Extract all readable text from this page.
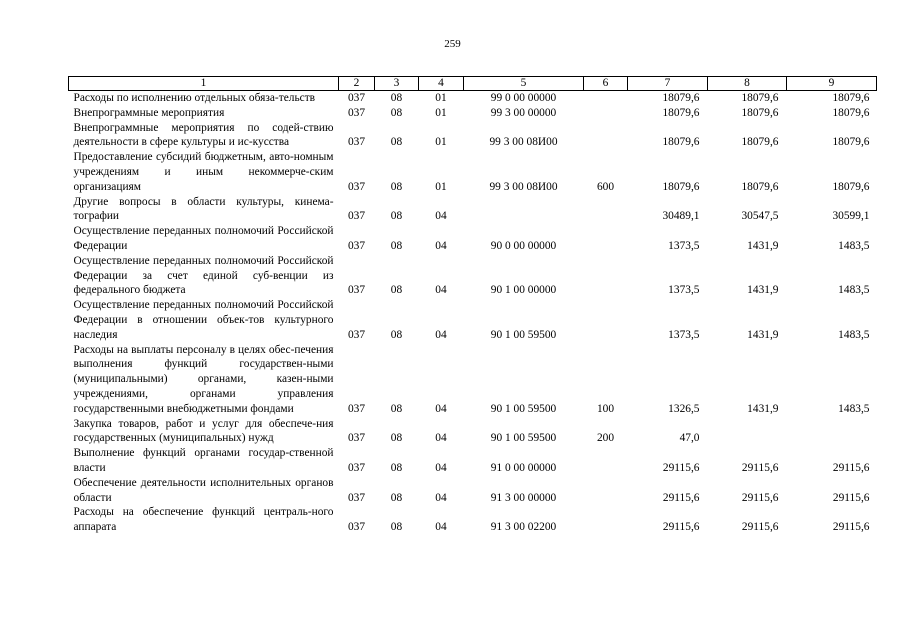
259
1	2	3	4	5	6	7	8	9
Расходы по исполнению отдельных обяза-тельств	037	08	01	99 0 00 00000		18079,6	18079,6	18079,6
Внепрограммные мероприятия	037	08	01	99 3 00 00000		18079,6	18079,6	18079,6
Внепрограммные мероприятия по содей-ствию деятельности в сфере культуры и ис-кусства	037	08	01	99 3 00 08И00		18079,6	18079,6	18079,6
Предоставление субсидий бюджетным, авто-номным учреждениям и иным некоммерче-ским организациям	037	08	01	99 3 00 08И00	600	18079,6	18079,6	18079,6
Другие вопросы в области культуры, кинема-тографии	037	08	04			30489,1	30547,5	30599,1
Осуществление переданных полномочий Российской Федерации	037	08	04	90 0 00 00000		1373,5	1431,9	1483,5
Осуществление переданных полномочий Российской Федерации за счет единой суб-венции из федерального бюджета	037	08	04	90 1 00 00000		1373,5	1431,9	1483,5
Осуществление переданных полномочий Российской Федерации в отношении объек-тов культурного наследия	037	08	04	90 1 00 59500		1373,5	1431,9	1483,5
Расходы на выплаты персоналу в целях обес-печения выполнения функций государствен-ными (муниципальными) органами, казен-ными учреждениями, органами управления государственными внебюджетными фондами	037	08	04	90 1 00 59500	100	1326,5	1431,9	1483,5
Закупка товаров, работ и услуг для обеспече-ния государственных (муниципальных) нужд	037	08	04	90 1 00 59500	200	47,0		
Выполнение функций органами государ-ственной власти	037	08	04	91 0 00 00000		29115,6	29115,6	29115,6
Обеспечение деятельности исполнительных органов области	037	08	04	91 3 00 00000		29115,6	29115,6	29115,6
Расходы на обеспечение функций централь-ного аппарата	037	08	04	91 3 00 02200		29115,6	29115,6	29115,6
